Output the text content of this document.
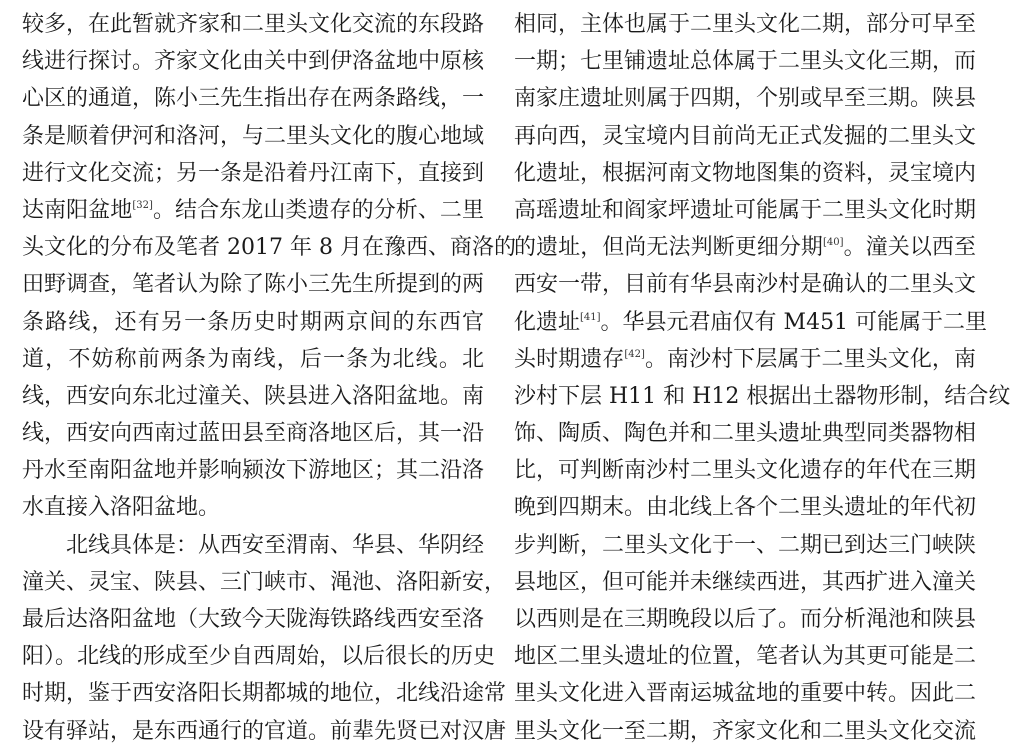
较多，在此暂就齐家和二里头文化交流的东段路
线进行探讨。齐家文化由关中到伊洛盆地中原核
心区的通道，陈小三先生指出存在两条路线，一
条是顺着伊河和洛河，与二里头文化的腹心地域
进行文化交流；另一条是沿着丹江南下，直接到
达南阳盆地[32]。结合东龙山类遗存的分析、二里
头文化的分布及笔者 2017 年 8 月在豫西、商洛的
田野调查，笔者认为除了陈小三先生所提到的两
条路线，还有另一条历史时期两京间的东西官
道，不妨称前两条为南线，后一条为北线。北
线，西安向东北过潼关、陕县进入洛阳盆地。南
线，西安向西南过蓝田县至商洛地区后，其一沿
丹水至南阳盆地并影响颍汝下游地区；其二沿洛
水直接入洛阳盆地。
北线具体是：从西安至渭南、华县、华阴经
潼关、灵宝、陕县、三门峡市、渑池、洛阳新安，
最后达洛阳盆地（大致今天陇海铁路线西安至洛
阳）。北线的形成至少自西周始，以后很长的历史
时期，鉴于西安洛阳长期都城的地位，北线沿途常
设有驿站，是东西通行的官道。前辈先贤已对汉唐
相同，主体也属于二里头文化二期，部分可早至
一期；七里铺遗址总体属于二里头文化三期，而
南家庄遗址则属于四期，个别或早至三期。陕县
再向西，灵宝境内目前尚无正式发掘的二里头文
化遗址，根据河南文物地图集的资料，灵宝境内
高瑶遗址和阎家坪遗址可能属于二里头文化时期
的遗址，但尚无法判断更细分期[40]。潼关以西至
西安一带，目前有华县南沙村是确认的二里头文
化遗址[41]。华县元君庙仅有 M451 可能属于二里
头时期遗存[42]。南沙村下层属于二里头文化，南
沙村下层 H11 和 H12 根据出土器物形制，结合纹
饰、陶质、陶色并和二里头遗址典型同类器物相
比，可判断南沙村二里头文化遗存的年代在三期
晚到四期末。由北线上各个二里头遗址的年代初
步判断，二里头文化于一、二期已到达三门峡陕
县地区，但可能并未继续西进，其西扩进入潼关
以西则是在三期晚段以后了。而分析渑池和陕县
地区二里头遗址的位置，笔者认为其更可能是二
里头文化进入晋南运城盆地的重要中转。因此二
里头文化一至二期，齐家文化和二里头文化交流
